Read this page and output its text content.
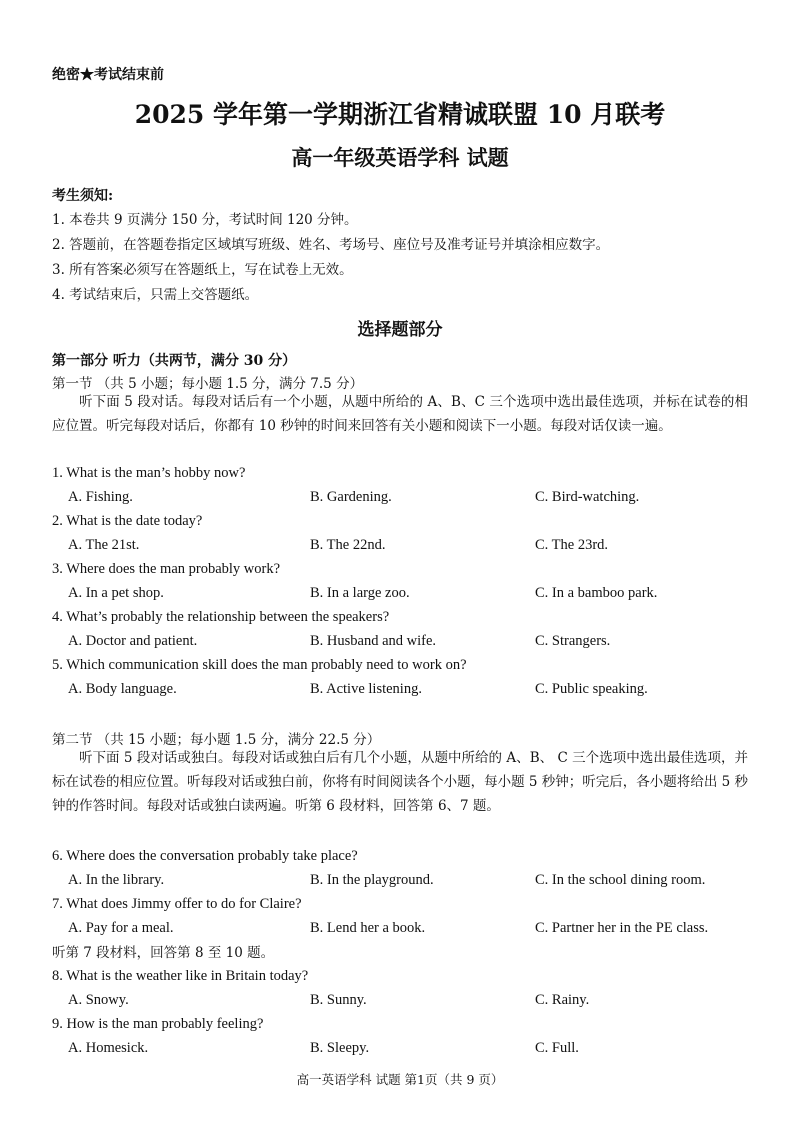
绝密★考试结束前
2025 学年第一学期浙江省精诚联盟 10 月联考
高一年级英语学科 试题
考生须知:
1. 本卷共 9 页满分 150 分，考试时间 120 分钟。
2. 答题前，在答题卷指定区域填写班级、姓名、考场号、座位号及准考证号并填涂相应数字。
3. 所有答案必须写在答题纸上，写在试卷上无效。
4. 考试结束后，只需上交答题纸。
选择题部分
第一部分 听力（共两节，满分 30 分）
第一节 （共 5 小题；每小题 1.5 分，满分 7.5 分）
听下面 5 段对话。每段对话后有一个小题，从题中所给的 A、B、C 三个选项中选出最佳选项，并标在试卷的相应位置。听完每段对话后，你都有 10 秒钟的时间来回答有关小题和阅读下一小题。每段对话仅读一遍。
1. What is the man’s hobby now?
A. Fishing.	B. Gardening.	C. Bird-watching.
2. What is the date today?
A. The 21st.	B. The 22nd.	C. The 23rd.
3. Where does the man probably work?
A. In a pet shop.	B. In a large zoo.	C. In a bamboo park.
4. What’s probably the relationship between the speakers?
A. Doctor and patient.	B. Husband and wife.	C. Strangers.
5. Which communication skill does the man probably need to work on?
A. Body language.	B. Active listening.	C. Public speaking.
6. Where does the conversation probably take place?
A. In the library.	B. In the playground.	C. In the school dining room.
7. What does Jimmy offer to do for Claire?
A. Pay for a meal.	B. Lend her a book.	C. Partner her in the PE class.
8. What is the weather like in Britain today?
A. Snowy.	B. Sunny.	C. Rainy.
9. How is the man probably feeling?
A. Homesick.	B. Sleepy.	C. Full.
第二节 （共 15 小题；每小题 1.5 分，满分 22.5 分）
听下面 5 段对话或独白。每段对话或独白后有几个小题，从题中所给的 A、B、 C 三个选项中选出最佳选项，并标在试卷的相应位置。听每段对话或独白前，你将有时间阅读各个小题，每小题 5 秒钟；听完后，各小题将给出 5 秒钟的作答时间。每段对话或独白读两遍。听第 6 段材料，回答第 6、7 题。
听第 7 段材料，回答第 8 至 10 题。
高一英语学科 试题 第1页（共 9 页）
